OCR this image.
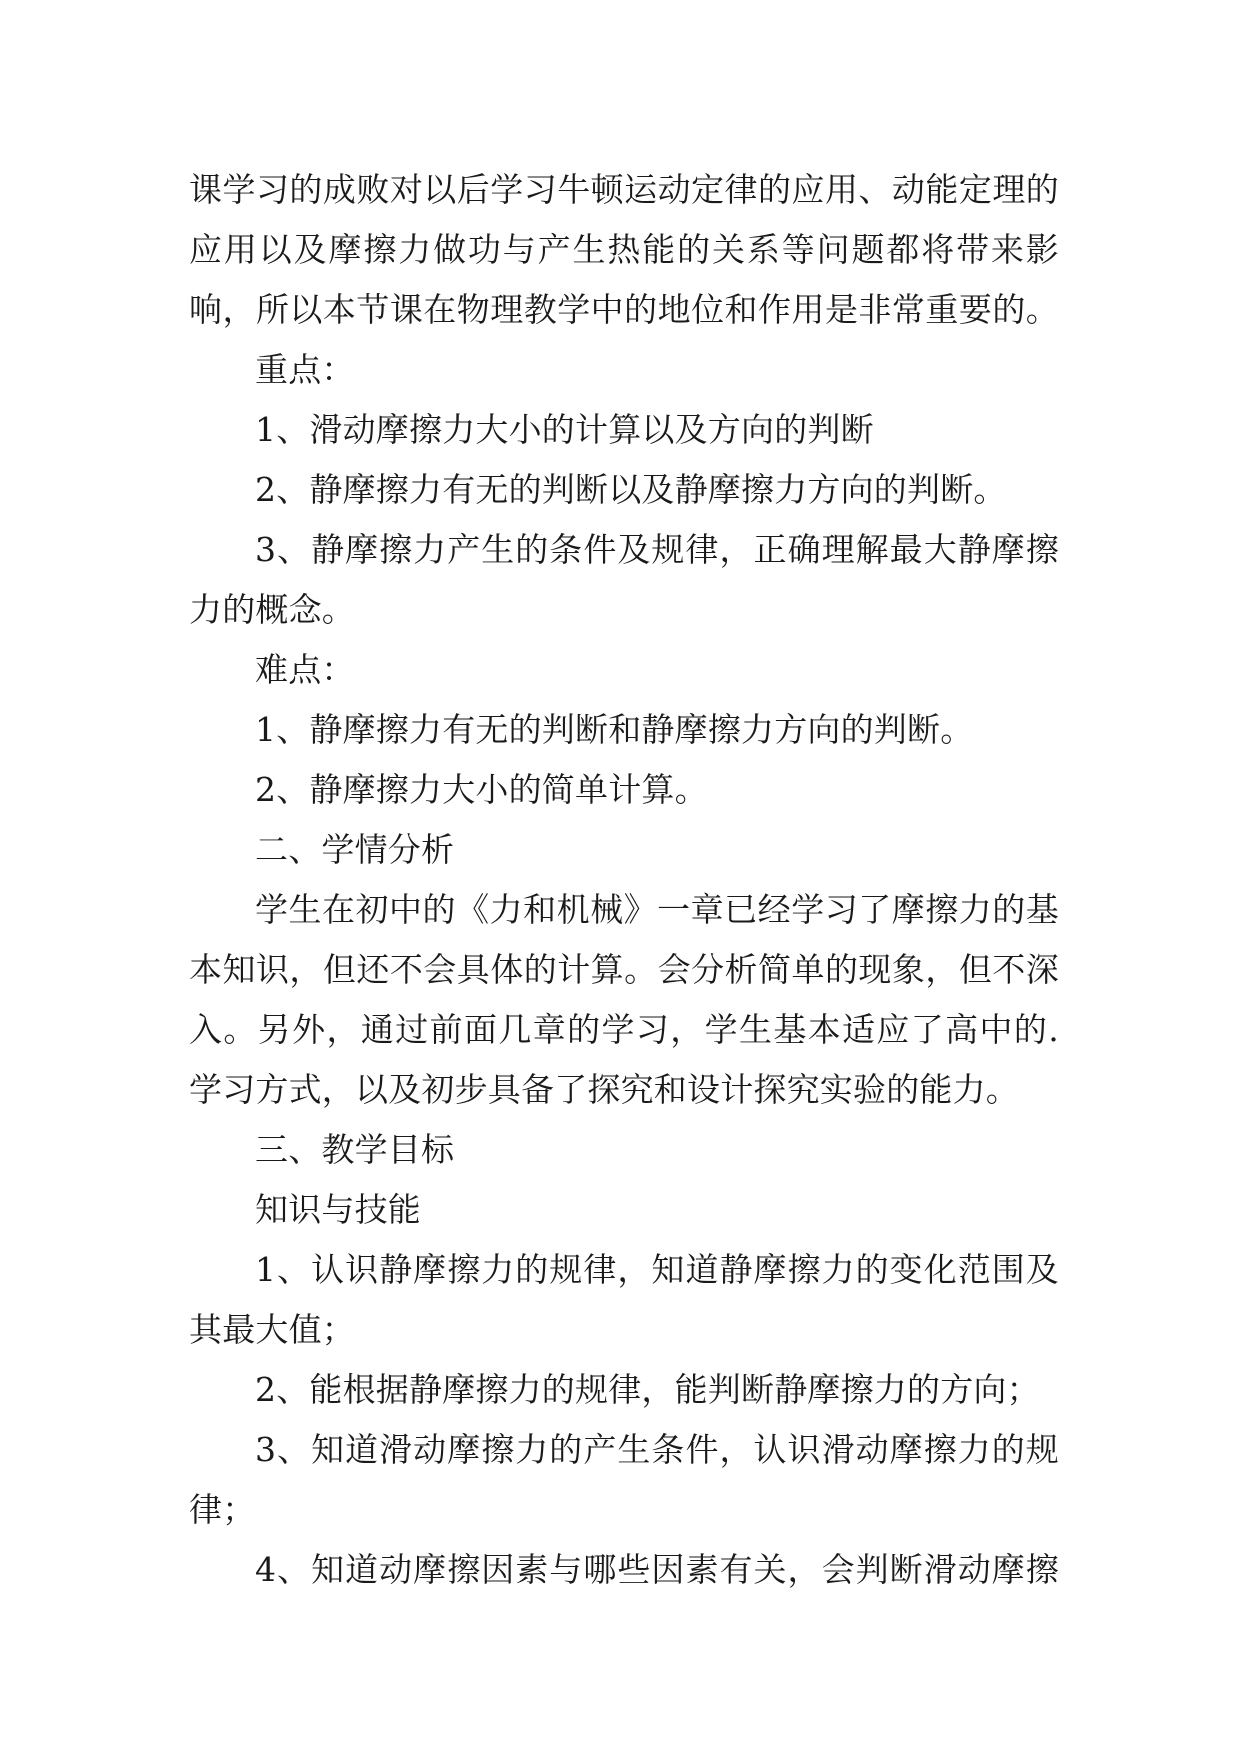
课学习的成败对以后学习牛顿运动定律的应用、动能定理的

应用以及摩擦力做功与产生热能的关系等问题都将带来影

响，所以本节课在物理教学中的地位和作用是非常重要的。

重点：

1、滑动摩擦力大小的计算以及方向的判断

2、静摩擦力有无的判断以及静摩擦力方向的判断。

3、静摩擦力产生的条件及规律，正确理解最大静摩擦

力的概念。

难点：

1、静摩擦力有无的判断和静摩擦力方向的判断。

2、静摩擦力大小的简单计算。

二、学情分析

学生在初中的《力和机械》一章已经学习了摩擦力的基

本知识，但还不会具体的计算。会分析简单的现象，但不深

入。另外，通过前面几章的学习，学生基本适应了高中的.

学习方式，以及初步具备了探究和设计探究实验的能力。

三、教学目标

知识与技能

1、认识静摩擦力的规律，知道静摩擦力的变化范围及

其最大值；

2、能根据静摩擦力的规律，能判断静摩擦力的方向；

3、知道滑动摩擦力的产生条件，认识滑动摩擦力的规

律；

4、知道动摩擦因素与哪些因素有关，会判断滑动摩擦
